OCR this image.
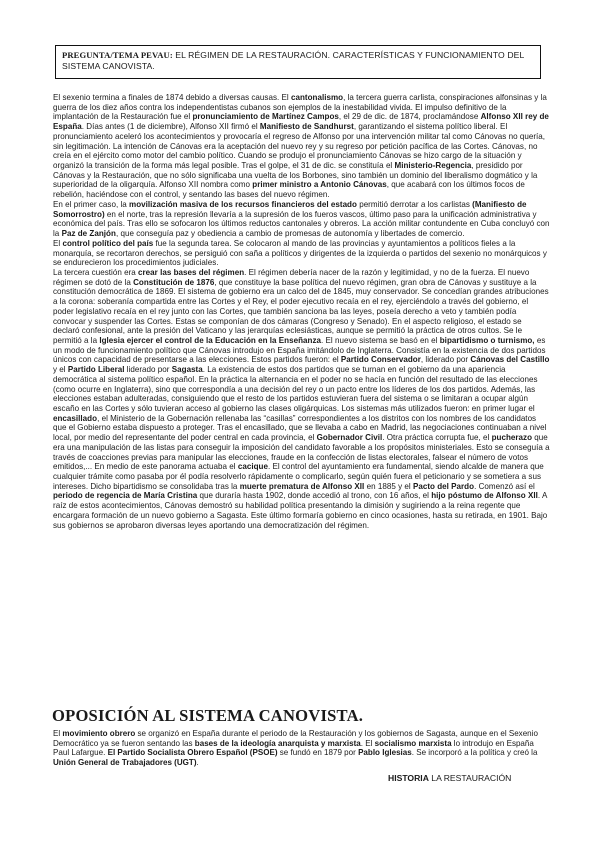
PREGUNTA/TEMA PEVAU: EL RÉGIMEN DE LA RESTAURACIÓN. CARACTERÍSTICAS Y FUNCIONAMIENTO DEL SISTEMA CANOVISTA.

El sexenio termina a finales de 1874 debido a diversas causas. El cantonalismo, la tercera guerra carlista, conspiraciones alfonsinas y la guerra de los diez años contra los independentistas cubanos son ejemplos de la inestabilidad vivida. El impulso definitivo de la implantación de la Restauración fue el pronunciamiento de Martínez Campos, el 29 de dic. de 1874, proclamándose Alfonso XII rey de España. Días antes (1 de diciembre), Alfonso XII firmó el Manifiesto de Sandhurst, garantizando el sistema político liberal. El pronunciamiento aceleró los acontecimientos y provocaría el regreso de Alfonso por una intervención militar tal como Cánovas no quería, sin legitimación. La intención de Cánovas era la aceptación del nuevo rey y su regreso por petición pacífica de las Cortes. Cánovas, no creía en el ejército como motor del cambio político. Cuando se produjo el pronunciamiento Cánovas se hizo cargo de la situación y organizó la transición de la forma más legal posible. Tras el golpe, el 31 de dic. se constituía el Ministerio-Regencia, presidido por Cánovas y la Restauración, que no sólo significaba una vuelta de los Borbones, sino también un dominio del liberalismo dogmático y la superioridad de la oligarquía. Alfonso XII nombra como primer ministro a Antonio Cánovas, que acabará con los últimos focos de rebelión, haciéndose con el control, y sentando las bases del nuevo régimen.

En el primer caso, la movilización masiva de los recursos financieros del estado permitió derrotar a los carlistas (Manifiesto de Somorrostro) en el norte, tras la represión llevaría a la supresión de los fueros vascos, último paso para la unificación administrativa y económica del país. Tras ello se sofocaron los últimos reductos cantonales y obreros. La acción militar contundente en Cuba concluyó con la Paz de Zanjón, que conseguía paz y obediencia a cambio de promesas de autonomía y libertades de comercio.

El control político del país fue la segunda tarea. Se colocaron al mando de las provincias y ayuntamientos a políticos fieles a la monarquía, se recortaron derechos, se persiguió con saña a políticos y dirigentes de la izquierda o partidos del sexenio no monárquicos y se endurecieron los procedimientos judiciales.

La tercera cuestión era crear las bases del régimen. El régimen debería nacer de la razón y legitimidad, y no de la fuerza. El nuevo régimen se dotó de la Constitución de 1876, que constituye la base política del nuevo régimen, gran obra de Cánovas y sustituye a la constitución democrática de 1869. El sistema de gobierno era un calco del de 1845, muy conservador. Se concedían grandes atribuciones a la corona: soberanía compartida entre las Cortes y el Rey, el poder ejecutivo recaía en el rey, ejerciéndolo a través del gobierno, el poder legislativo recaía en el rey junto con las Cortes, que también sanciona ba las leyes, poseía derecho a veto y también podía convocar y suspender las Cortes. Estas se componían de dos cámaras (Congreso y Senado). En el aspecto religioso, el estado se declaró confesional, ante la presión del Vaticano y las jerarquías eclesiásticas, aunque se permitió la práctica de otros cultos. Se le permitió a la Iglesia ejercer el control de la Educación en la Enseñanza. El nuevo sistema se basó en el bipartidismo o turnismo, es un modo de funcionamiento político que Cánovas introdujo en España imitándolo de Inglaterra. Consistía en la existencia de dos partidos únicos con capacidad de presentarse a las elecciones. Estos partidos fueron: el Partido Conservador, liderado por Cánovas del Castillo y el Partido Liberal liderado por Sagasta. La existencia de estos dos partidos que se turnan en el gobierno da una apariencia democrática al sistema político español. En la práctica la alternancia en el poder no se hacía en función del resultado de las elecciones (como ocurre en Inglaterra), sino que correspondía a una decisión del rey o un pacto entre los líderes de los dos partidos. Además, las elecciones estaban adulteradas, consiguiendo que el resto de los partidos estuvieran fuera del sistema o se limitaran a ocupar algún escaño en las Cortes y sólo tuvieran acceso al gobierno las clases oligárquicas. Los sistemas más utilizados fueron: en primer lugar el encasillado, el Ministerio de la Gobernación rellenaba las “casillas” correspondientes a los distritos con los nombres de los candidatos que el Gobierno estaba dispuesto a proteger. Tras el encasillado, que se llevaba a cabo en Madrid, las negociaciones continuaban a nivel local, por medio del representante del poder central en cada provincia, el Gobernador Civil. Otra práctica corrupta fue, el pucherazo que era una manipulación de las listas para conseguir la imposición del candidato favorable a los propósitos ministeriales. Esto se conseguía a través de coacciones previas para manipular las elecciones, fraude en la confección de listas electorales, falsear el número de votos emitidos,... En medio de este panorama actuaba el cacique. El control del ayuntamiento era fundamental, siendo alcalde de manera que cualquier trámite como pasaba por él podía resolverlo rápidamente o complicarlo, según quién fuera el peticionario y se sometiera a sus intereses. Dicho bipartidismo se consolidaba tras la muerte prematura de Alfonso XII en 1885 y el Pacto del Pardo. Comenzó así el periodo de regencia de María Cristina que duraría hasta 1902, donde accedió al trono, con 16 años, el hijo póstumo de Alfonso XII. A raíz de estos acontecimientos, Cánovas demostró su habilidad política presentando la dimisión y sugiriendo a la reina regente que encargara formación de un nuevo gobierno a Sagasta. Este último formaría gobierno en cinco ocasiones, hasta su retirada, en 1901. Bajo sus gobiernos se aprobaron diversas leyes aportando una democratización del régimen.

OPOSICIÓN AL SISTEMA CANOVISTA.

El movimiento obrero se organizó en España durante el periodo de la Restauración y los gobiernos de Sagasta, aunque en el Sexenio Democrático ya se fueron sentando las bases de la ideología anarquista y marxista. El socialismo marxista lo introdujo en España Paul Lafargue. El Partido Socialista Obrero Español (PSOE) se fundó en 1879 por Pablo Iglesias. Se incorporó a la política y creó la Unión General de Trabajadores (UGT).

HISTORIA LA RESTAURACIÓN
